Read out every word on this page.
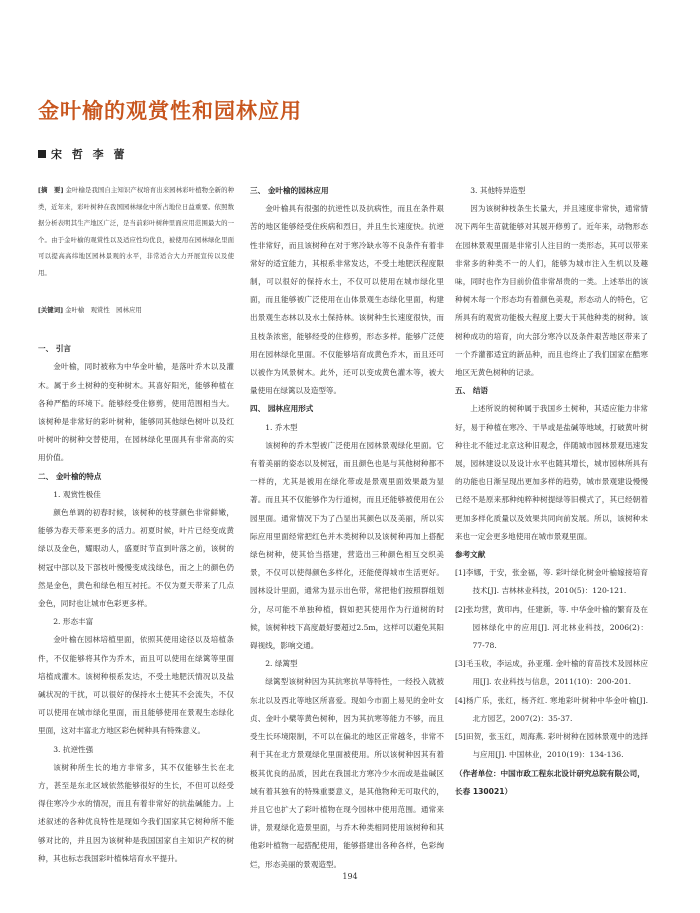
金叶榆的观赏性和园林应用
宋 哲 李 蕾

[摘　要] 金叶榆是我国自主知识产权培育出来园林彩叶植物全新的种类，近年来，彩叶树种在我国园林绿化中所占地位日益重要。依照数据分析表明其生产地区广泛，是当前彩叶树种里面应用范围最大的一个。由于金叶榆的观赏性以及适应性均优良，被使用在园林绿化里面可以提高高纬地区园林景观的水平，非常适合大力开展宣传以及使用。

[关键词] 金叶榆　观赏性　园林应用

一、 引言

金叶榆，同时被称为中华金叶榆，是落叶乔木以及灌木。属于乡土树种的变种树木。其喜好阳光，能够种植在各种严酷的环境下。能够经受住修剪，使用范围相当大。该树种是非常好的彩叶树种，能够同其他绿色树叶以及红叶树叶的树种交替使用，在园林绿化里面具有非常高的实用价值。

二、 金叶榆的特点
1. 观赏性极佳

颜色单调的初春时候，该树种的枝芽颜色非常鲜嫩，能够为春天带来更多的活力。初夏时候，叶片已经变成黄绿以及金色，耀眼动人，盛夏时节直到叶落之前，该树的树冠中部以及下部枝叶慢慢变成浅绿色，而之上的颜色仍然是金色，黄色和绿色相互衬托。不仅为夏天带来了几点金色，同时也让城市色彩更多样。

2. 形态丰富

金叶榆在园林培植里面，依照其使用途径以及培植条件，不仅能够将其作为乔木，而且可以使用在绿篱等里面培植成灌木。该树种根系发达，不受土地肥沃情况以及盐碱状况的干扰，可以很好的保持水土使其不会流失，不仅可以使用在城市绿化里面，而且能够使用在景观生态绿化里面，这对丰富北方地区彩色树种具有特殊意义。

3. 抗逆性强

该树种所生长的地方非常多，其不仅能够生长在北方，甚至是东北区域依然能够很好的生长，不但可以经受得住寒冷少水的情况，而且有着非常好的抗盐碱能力。上述叙述的各种优良特性是现如今我们国家其它树种所不能够对比的，并且因为该树种是我国国家自主知识产权的树种，其也标志我国彩叶植株培育水平提升。

三、 金叶榆的园林应用

金叶榆具有很强的抗逆性以及抗病性，而且在条件艰苦的地区能够经受住疾病和烈日，并且生长速度快。抗逆性非常好，而且该树种在对于寒冷缺水等不良条件有着非常好的适宜能力，其根系非常发达，不受土地肥沃程度限制，可以很好的保持水土，不仅可以使用在城市绿化里面，而且能够被广泛使用在山体景观生态绿化里面，构建出景观生态林以及水土保持林。该树种生长速度很快，而且枝条浓密，能够经受的住修剪，形态多样。能够广泛使用在园林绿化里面。不仅能够培育成黄色乔木，而且还可以被作为风景树木。此外，还可以变成黄色灌木等，被大量使用在绿篱以及造型等。

四、 园林应用形式
1. 乔木型

该树种的乔木型被广泛使用在园林景观绿化里面。它有着美丽的姿态以及树冠，而且颜色也是与其他树种都不一样的，尤其是被用在绿化带或是景观里面效果最为显著。而且其不仅能够作为行道树，而且还能够被使用在公园里面。通常情况下为了凸显出其颜色以及美丽，所以实际应用里面经常把红色并木类树种以及该树种再加上搭配绿色树种，使其恰当搭建，营造出三种颜色相互交织美景，不仅可以使得颜色多样化，还能使得城市生活更好。园林设计里面，通常为显示出色带，常把他们按照群组划分，尽可能不单独种植，假如把其使用作为行道树的时候，该树种枝下高度最好要超过2.5m，这样可以避免其阳碍视线，影响交通。

2. 绿篱型

绿篱型该树种因为其抗寒抗旱等特性，一经投入就被东北以及西北等地区所喜爱。现如今市面上易见的金叶女贞、金叶小檗等黄色树种，因为其抗寒等能力不够，而且受生长环境限制，不可以在偏北的地区正常越冬，非常不利于其在北方景观绿化里面被使用。所以该树种因其有着极其优良的品质，因此在我国北方寒冷少水而或是盐碱区域有着其独有的特殊重要意义，是其他物种无可取代的，并且它也扩大了彩叶植物在现今园林中使用范围。通常来讲，景观绿化造景里面，与乔木种类相同使用该树种和其他彩叶植物一起搭配使用，能够搭建出各种各样，色彩绚烂，形态美丽的景观造型。

3. 其他特异造型

因为该树种枝条生长量大，并且速度非常快，通常情况下两年生苗就能够对其展开修剪了。近年来，动物形态在园林景观里面是非常引人注目的一类形态，其可以带来非常多的种类不一的人们，能够为城市注入生机以及趣味，同时也作为目前价值非常昂贵的一类。上述举出的该种树木每一个形态均有着颜色美观，形态动人的特色，它所具有的观赏功能极大程度上要大于其他种类的树种。该树种成功的培育，向大部分寒冷以及条件艰苦地区带来了一个乔灌都适宜的新品种，而且也终止了我们国家在酷寒地区无黄色树种的记录。

五、 结语

上述所说的树种属于我国乡土树种，其适应能力非常好，易于种植在寒冷、干旱或是盐碱等地域，打破黄叶树种往北不能过北京这种旧观念，伴随城市园林景观迅速发展，园林建设以及设计水平也随其增长，城市园林所具有的功能也日渐呈现出更加多样的趋势，城市景观建设慢慢已经不是原来那种纯粹种树提绿等旧模式了，其已经朝着更加多样化质量以及效果共同向前发展。所以，该树种未来也一定会更多地使用在城市景观里面。

参考文献
[1]李娜，于安，张金福，等. 彩叶绿化树金叶榆嫁接培育技术[J]. 吉林林业科技，2010(5)：120-121.
[2]张均营，黄印冉，任建新，等. 中华金叶榆的繁育及在园林绿化中的应用[J]. 河北林业科技，2006(2)：77-78.
[3]毛玉收，李运成，孙亚瑾. 金叶榆的育苗技术及园林应用[J]. 农业科技与信息，2011(10)：200-201.
[4]杨广乐，张红，杨齐红. 寒地彩叶树种中华金叶榆[J]. 北方园艺，2007(2)：35-37.
[5]田贺，张玉红，周海燕. 彩叶树种在园林景观中的选择与应用[J]. 中国林业，2010(19)：134-136.
（作者单位：中国市政工程东北设计研究总院有限公司，长春 130021）
194
